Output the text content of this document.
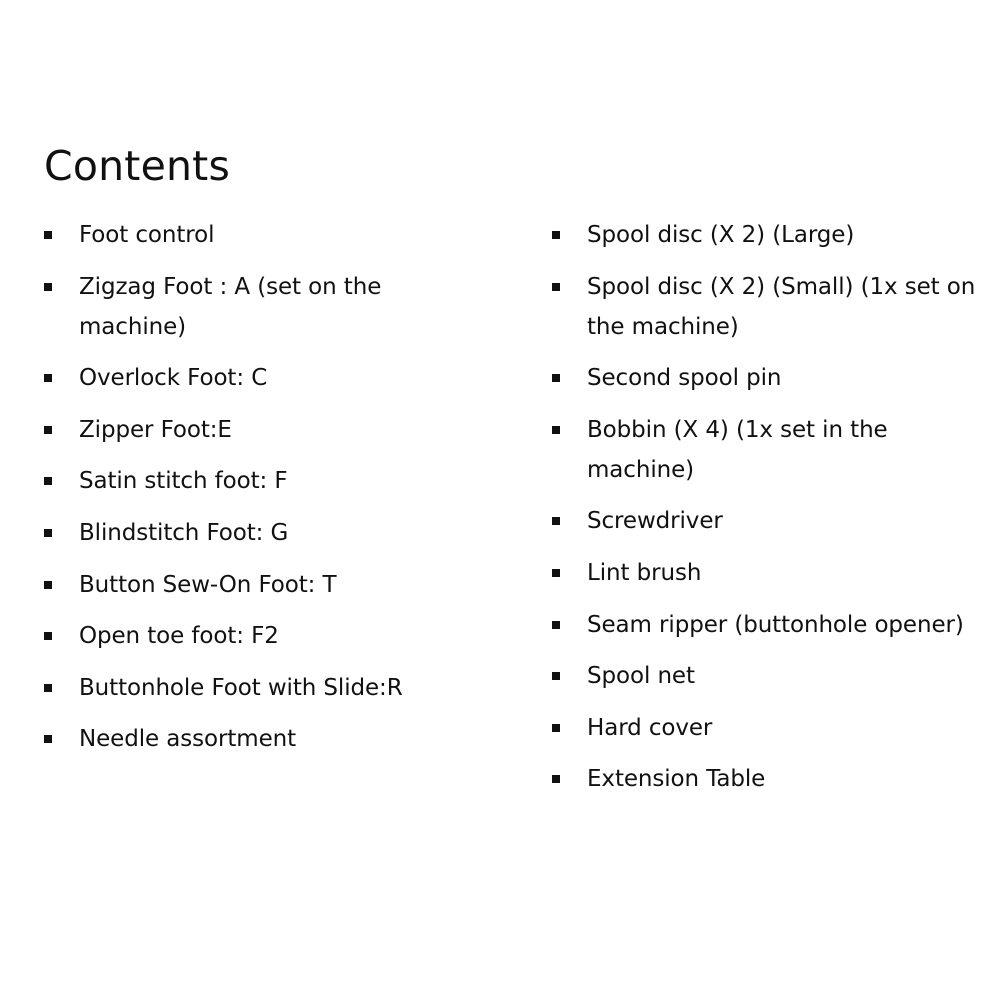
Contents
Foot control
Zigzag Foot : A (set on the machine)
Overlock Foot: C
Zipper Foot:E
Satin stitch foot: F
Blindstitch Foot: G
Button Sew-On Foot: T
Open toe foot: F2
Buttonhole Foot with Slide:R
Needle assortment
Spool disc (X 2) (Large)
Spool disc (X 2) (Small) (1x set on the machine)
Second spool pin
Bobbin (X 4) (1x set in the machine)
Screwdriver
Lint brush
Seam ripper (buttonhole opener)
Spool net
Hard cover
Extension Table
